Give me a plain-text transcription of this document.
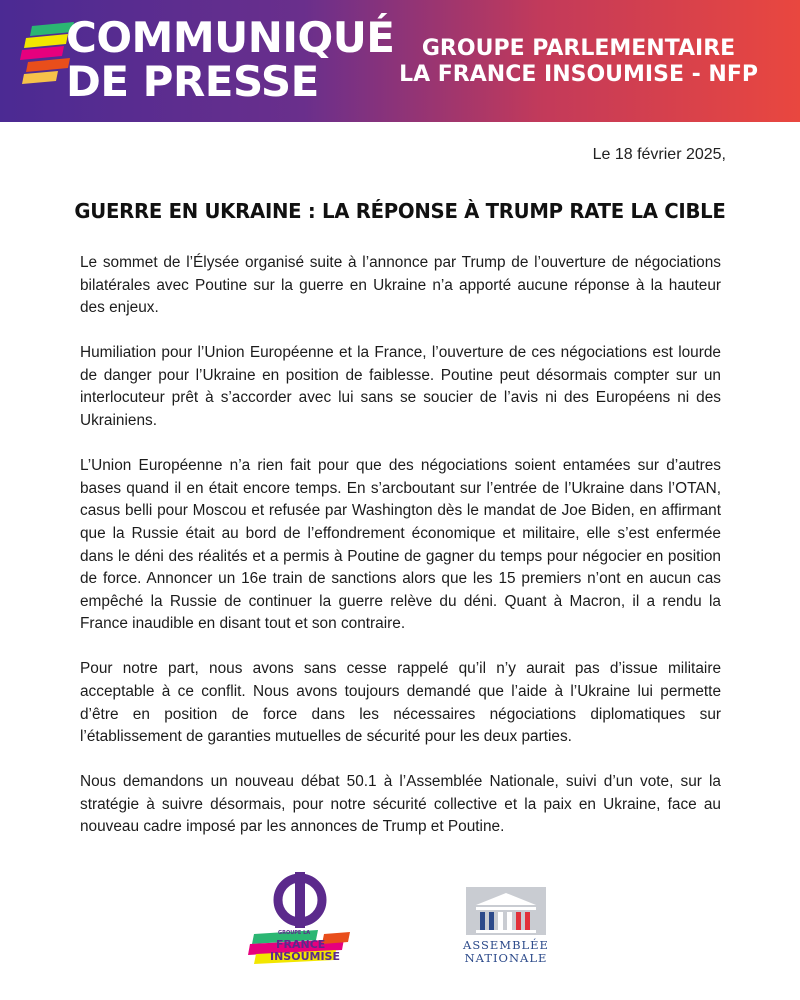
COMMUNIQUÉ
DE PRESSE
GROUPE PARLEMENTAIRE
LA FRANCE INSOUMISE - NFP
Le 18 février 2025,
GUERRE EN UKRAINE : LA RÉPONSE À TRUMP RATE LA CIBLE

Le sommet de l’Élysée organisé suite à l’annonce par Trump de l’ouverture de négociations bilatérales avec Poutine sur la guerre en Ukraine n’a apporté aucune réponse à la hauteur des enjeux.

Humiliation pour l’Union Européenne et la France, l’ouverture de ces négociations est lourde de danger pour l’Ukraine en position de faiblesse. Poutine peut désormais compter sur un interlocuteur prêt à s’accorder avec lui sans se soucier de l’avis ni des Européens ni des Ukrainiens.

L’Union Européenne n’a rien fait pour que des négociations soient entamées sur d’autres bases quand il en était encore temps. En s’arcboutant sur l’entrée de l’Ukraine dans l’OTAN, casus belli pour Moscou et refusée par Washington dès le mandat de Joe Biden, en affirmant que la Russie était au bord de l’effondrement économique et militaire, elle s’est enfermée dans le déni des réalités et a permis à Poutine de gagner du temps pour négocier en position de force. Annoncer un 16e train de sanctions alors que les 15 premiers n’ont en aucun cas empêché la Russie de continuer la guerre relève du déni. Quant à Macron, il a rendu la France inaudible en disant tout et son contraire.

Pour notre part, nous avons sans cesse rappelé qu’il n’y aurait pas d’issue militaire acceptable à ce conflit. Nous avons toujours demandé que l’aide à l’Ukraine lui permette d’être en position de force dans les nécessaires négociations diplomatiques sur l’établissement de garanties mutuelles de sécurité pour les deux parties.

Nous demandons un nouveau débat 50.1 à l’Assemblée Nationale, suivi d’un vote, sur la stratégie à suivre désormais, pour notre sécurité collective et la paix en Ukraine, face au nouveau cadre imposé par les annonces de Trump et Poutine.

GROUPE LA
FRANCE
INSOUMISE
ASSEMBLÉE
NATIONALE
